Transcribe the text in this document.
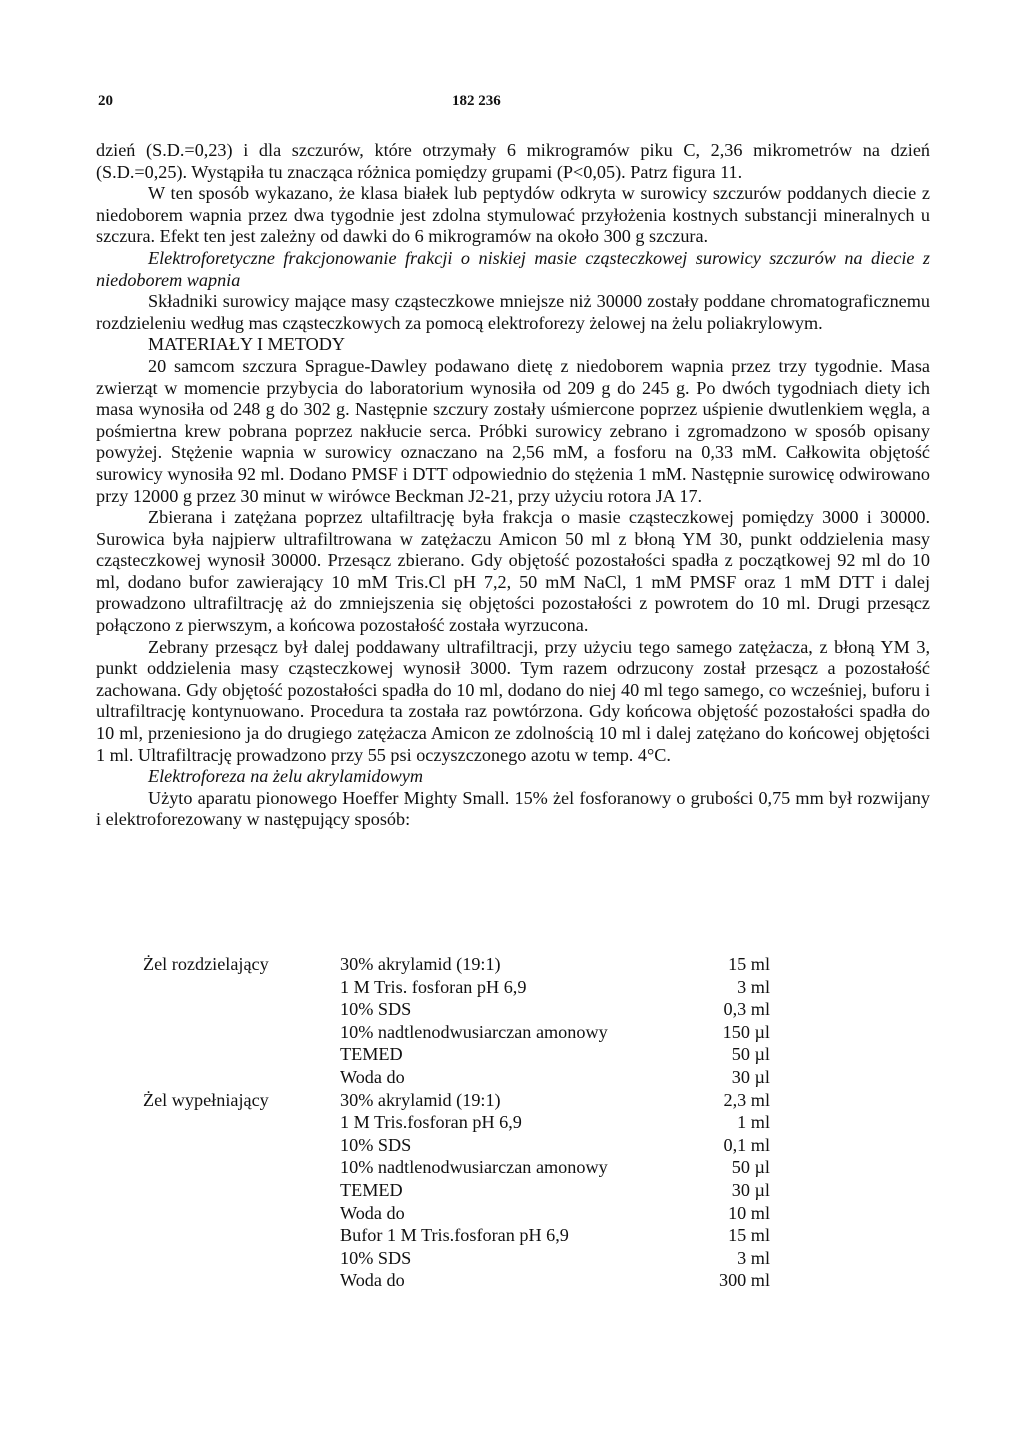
20	182 236

dzień (S.D.=0,23) i dla szczurów, które otrzymały 6 mikrogramów piku C, 2,36 mikrometrów na dzień (S.D.=0,25). Wystąpiła tu znacząca różnica pomiędzy grupami (P<0,05). Patrz figura 11.

W ten sposób wykazano, że klasa białek lub peptydów odkryta w surowicy szczurów poddanych diecie z niedoborem wapnia przez dwa tygodnie jest zdolna stymulować przyłożenia kostnych substancji mineralnych u szczura. Efekt ten jest zależny od dawki do 6 mikrogramów na około 300 g szczura.

Elektroforetyczne frakcjonowanie frakcji o niskiej masie cząsteczkowej surowicy szczurów na diecie z niedoborem wapnia

Składniki surowicy mające masy cząsteczkowe mniejsze niż 30000 zostały poddane chromatograficznemu rozdzieleniu według mas cząsteczkowych za pomocą elektroforezy żelowej na żelu poliakrylowym.

MATERIAŁY I METODY

20 samcom szczura Sprague-Dawley podawano dietę z niedoborem wapnia przez trzy tygodnie. Masa zwierząt w momencie przybycia do laboratorium wynosiła od 209 g do 245 g. Po dwóch tygodniach diety ich masa wynosiła od 248 g do 302 g. Następnie szczury zostały uśmiercone poprzez uśpienie dwutlenkiem węgla, a pośmiertna krew pobrana poprzez nakłucie serca. Próbki surowicy zebrano i zgromadzono w sposób opisany powyżej. Stężenie wapnia w surowicy oznaczano na 2,56 mM, a fosforu na 0,33 mM. Całkowita objętość surowicy wynosiła 92 ml. Dodano PMSF i DTT odpowiednio do stężenia 1 mM. Następnie surowicę odwirowano przy 12000 g przez 30 minut w wirówce Beckman J2-21, przy użyciu rotora JA 17.

Zbierana i zatężana poprzez ultafiltrację była frakcja o masie cząsteczkowej pomiędzy 3000 i 30000. Surowica była najpierw ultrafiltrowana w zatężaczu Amicon 50 ml z błoną YM 30, punkt oddzielenia masy cząsteczkowej wynosił 30000. Przesącz zbierano. Gdy objętość pozostałości spadła z początkowej 92 ml do 10 ml, dodano bufor zawierający 10 mM Tris.Cl pH 7,2, 50 mM NaCl, 1 mM PMSF oraz 1 mM DTT i dalej prowadzono ultrafiltrację aż do zmniejszenia się objętości pozostałości z powrotem do 10 ml. Drugi przesącz połączono z pierwszym, a końcowa pozostałość została wyrzucona.

Zebrany przesącz był dalej poddawany ultrafiltracji, przy użyciu tego samego zatężacza, z błoną YM 3, punkt oddzielenia masy cząsteczkowej wynosił 3000. Tym razem odrzucony został przesącz a pozostałość zachowana. Gdy objętość pozostałości spadła do 10 ml, dodano do niej 40 ml tego samego, co wcześniej, buforu i ultrafiltrację kontynuowano. Procedura ta została raz powtórzona. Gdy końcowa objętość pozostałości spadła do 10 ml, przeniesiono ja do drugiego zatężacza Amicon ze zdolnością 10 ml i dalej zatężano do końcowej objętości 1 ml. Ultrafiltrację prowadzono przy 55 psi oczyszczonego azotu w temp. 4°C.

Elektroforeza na żelu akrylamidowym

Użyto aparatu pionowego Hoeffer Mighty Small. 15% żel fosforanowy o grubości 0,75 mm był rozwijany i elektroforezowany w następujący sposób:

Żel rozdzielający	30% akrylamid (19:1)	15 ml
	1 M Tris. fosforan pH 6,9	3 ml
	10% SDS	0,3 ml
	10% nadtlenodwusiarczan amonowy	150 µl
	TEMED	50 µl
	Woda do	30 µl
Żel wypełniający	30% akrylamid (19:1)	2,3 ml
	1 M Tris.fosforan pH 6,9	1 ml
	10% SDS	0,1 ml
	10% nadtlenodwusiarczan amonowy	50 µl
	TEMED	30 µl
	Woda do	10 ml
	Bufor 1 M Tris.fosforan pH 6,9	15 ml
	10% SDS	3 ml
	Woda do	300 ml
